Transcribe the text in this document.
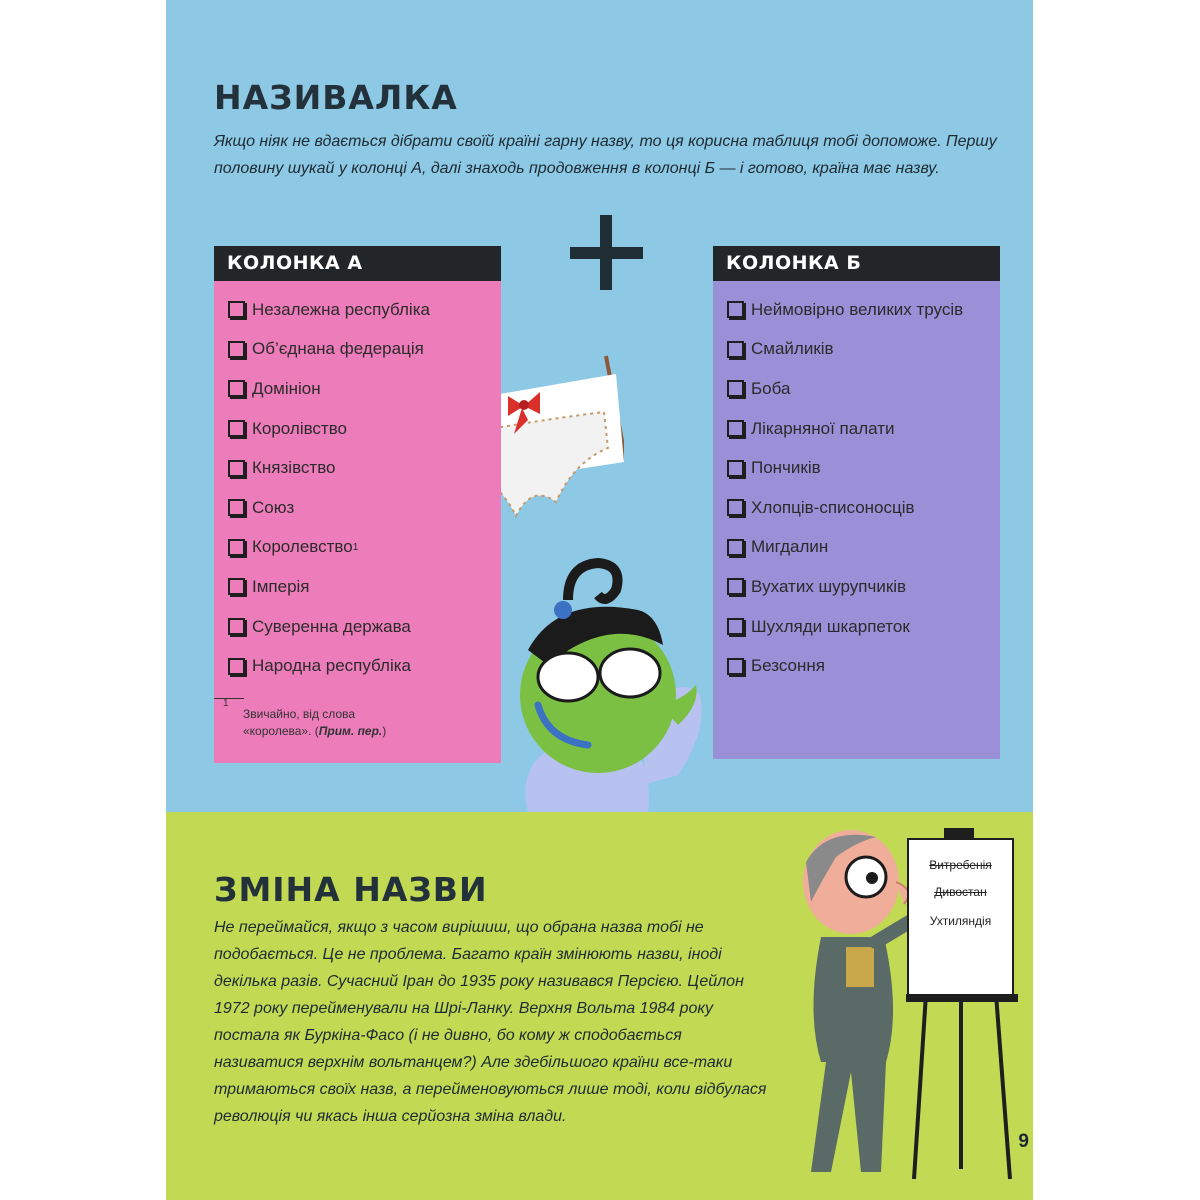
НАЗИВАЛКА
Якщо ніяк не вдається дібрати своїй країні гарну назву, то ця корисна таблиця тобі допоможе. Першу половину шукай у колонці А, далі знаходь продовження в колонці Б — і готово, країна має назву.
КОЛОНКА А
Незалежна республіка
Об’єднана федерація
Домініон
Королівство
Князівство
Союз
Королевство 1
Імперія
Суверенна держава
Народна республіка
1
Звичайно, від слова «королева». (Прим. пер.)
КОЛОНКА Б
Неймовірно великих трусів
Смайликів
Боба
Лікарняної палати
Пончиків
Хлопців-списоносців
Мигдалин
Вухатих шурупчиків
Шухляди шкарпеток
Безсоння
ЗМІНА НАЗВИ
Не переймайся, якщо з часом вирішиш, що обрана назва тобі не подобається. Це не проблема. Багато країн змінюють назви, іноді декілька разів. Сучасний Іран до 1935 року називався Персією. Цейлон 1972 року перейменували на Шрі-Ланку. Верхня Вольта 1984 року постала як Буркіна-Фасо (і не дивно, бо кому ж сподобається називатися верхнім вольтанцем?) Але здебільшого країни все-таки тримаються своїх назв, а перейменовуються лише тоді, коли відбулася революція чи якась інша серйозна зміна влади.
Витребенія
Дивостан
Ухтиляндія
9
